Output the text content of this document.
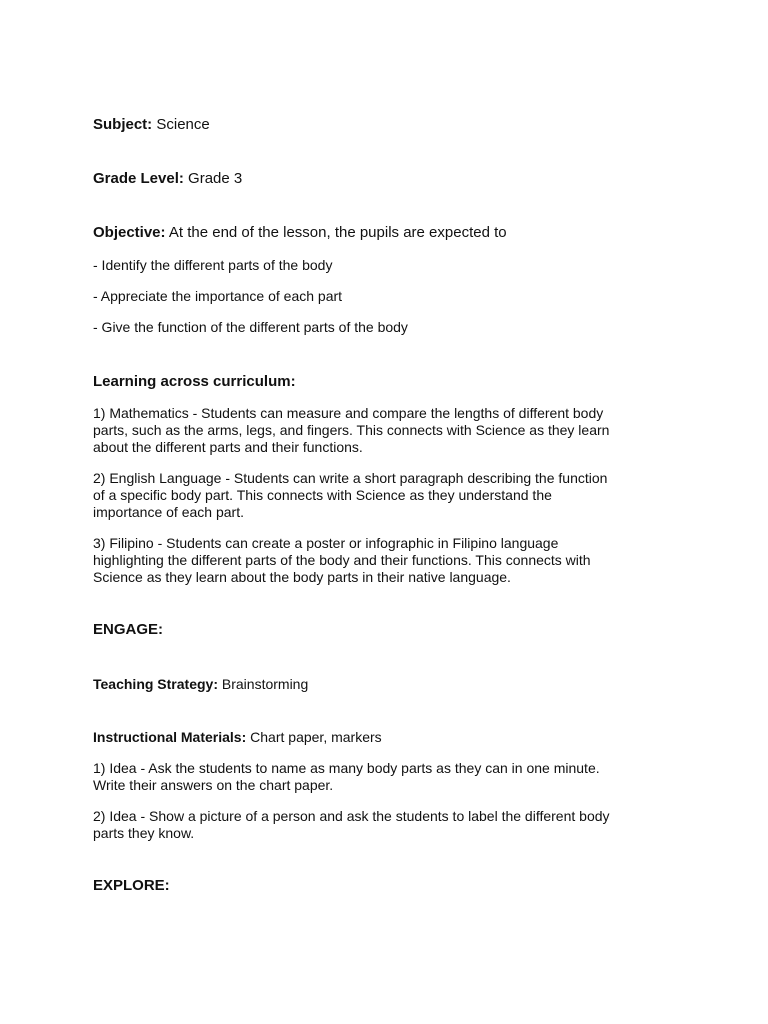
Subject: Science

Grade Level: Grade 3

Objective: At the end of the lesson, the pupils are expected to

- Identify the different parts of the body

- Appreciate the importance of each part

- Give the function of the different parts of the body

Learning across curriculum:

1) Mathematics - Students can measure and compare the lengths of different body
parts, such as the arms, legs, and fingers. This connects with Science as they learn
about the different parts and their functions.
2) English Language - Students can write a short paragraph describing the function
of a specific body part. This connects with Science as they understand the
importance of each part.
3) Filipino - Students can create a poster or infographic in Filipino language
highlighting the different parts of the body and their functions. This connects with
Science as they learn about the body parts in their native language.

ENGAGE:

Teaching Strategy: Brainstorming

Instructional Materials: Chart paper, markers

1) Idea - Ask the students to name as many body parts as they can in one minute.
Write their answers on the chart paper.
2) Idea - Show a picture of a person and ask the students to label the different body
parts they know.

EXPLORE:
